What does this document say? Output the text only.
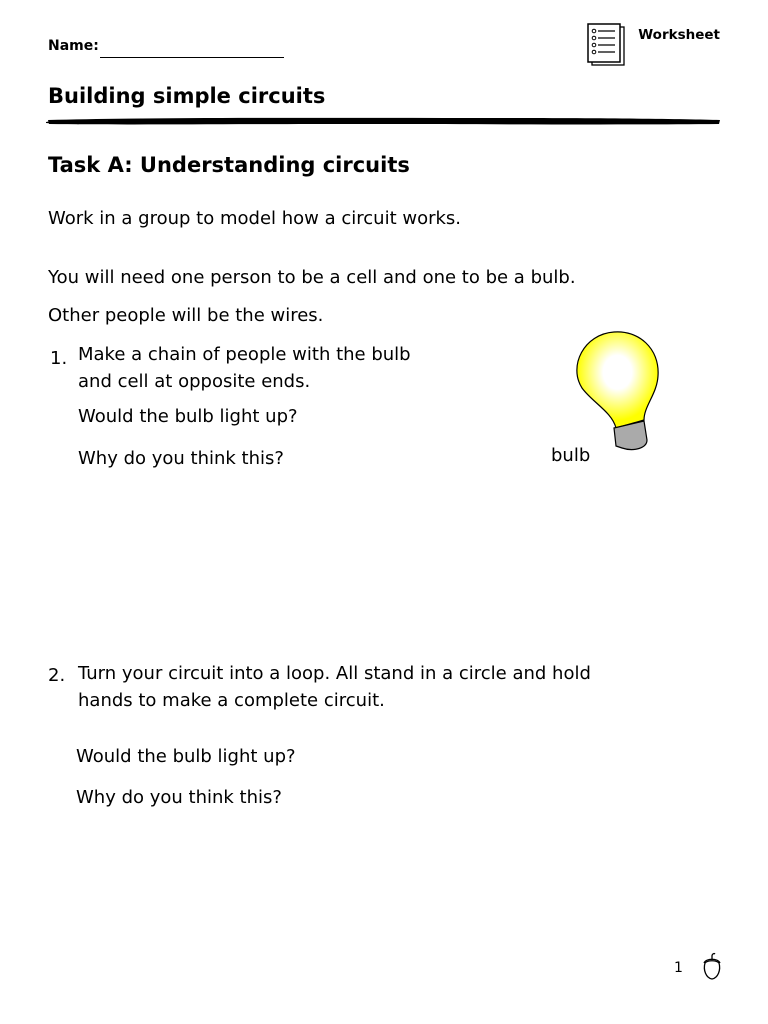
Name:
Worksheet
Building simple circuits
Task A: Understanding circuits
Work in a group to model how a circuit works.
You will need one person to be a cell and one to be a bulb.
Other people will be the wires.
1. Make a chain of people with the bulb
and cell at opposite ends.
Would the bulb light up?
Why do you think this?	bulb
2. Turn your circuit into a loop. All stand in a circle and hold
hands to make a complete circuit.
Would the bulb light up?
Why do you think this?
1
